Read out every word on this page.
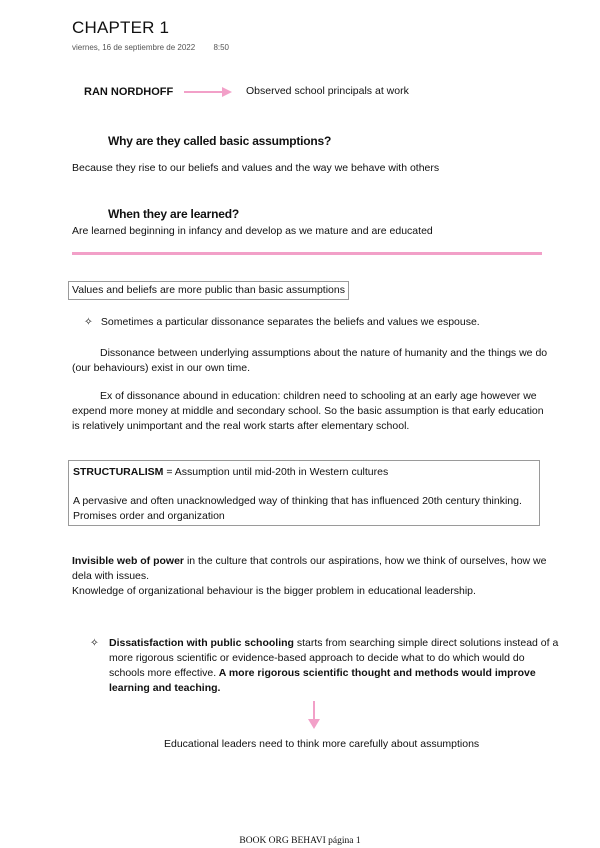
CHAPTER 1
viernes, 16 de septiembre de 2022 8:50
RAN NORDHOFF	Observed school principals at work
Why are they called basic assumptions?
Because they rise to our beliefs and values and the way we behave with others
When they are learned?
Are learned beginning in infancy and develop as we mature and are educated
Values and beliefs are more public than basic assumptions
✧ Sometimes a particular dissonance separates the beliefs and values we espouse.
Dissonance between underlying assumptions about the nature of humanity and the things we do (our behaviours) exist in our own time.
Ex of dissonance abound in education: children need to schooling at an early age however we expend more money at middle and secondary school. So the basic assumption is that early education is relatively unimportant and the real work starts after elementary school.
STRUCTURALISM = Assumption until mid-20th in Western cultures
A pervasive and often unacknowledged way of thinking that has influenced 20th century thinking. Promises order and organization
Invisible web of power in the culture that controls our aspirations, how we think of ourselves, how we dela with issues.
Knowledge of organizational behaviour is the bigger problem in educational leadership.
✧ Dissatisfaction with public schooling starts from searching simple direct solutions instead of a more rigorous scientific or evidence-based approach to decide what to do which would do schools more effective. A more rigorous scientific thought and methods would improve learning and teaching.
Educational leaders need to think more carefully about assumptions
BOOK ORG BEHAVI página 1
